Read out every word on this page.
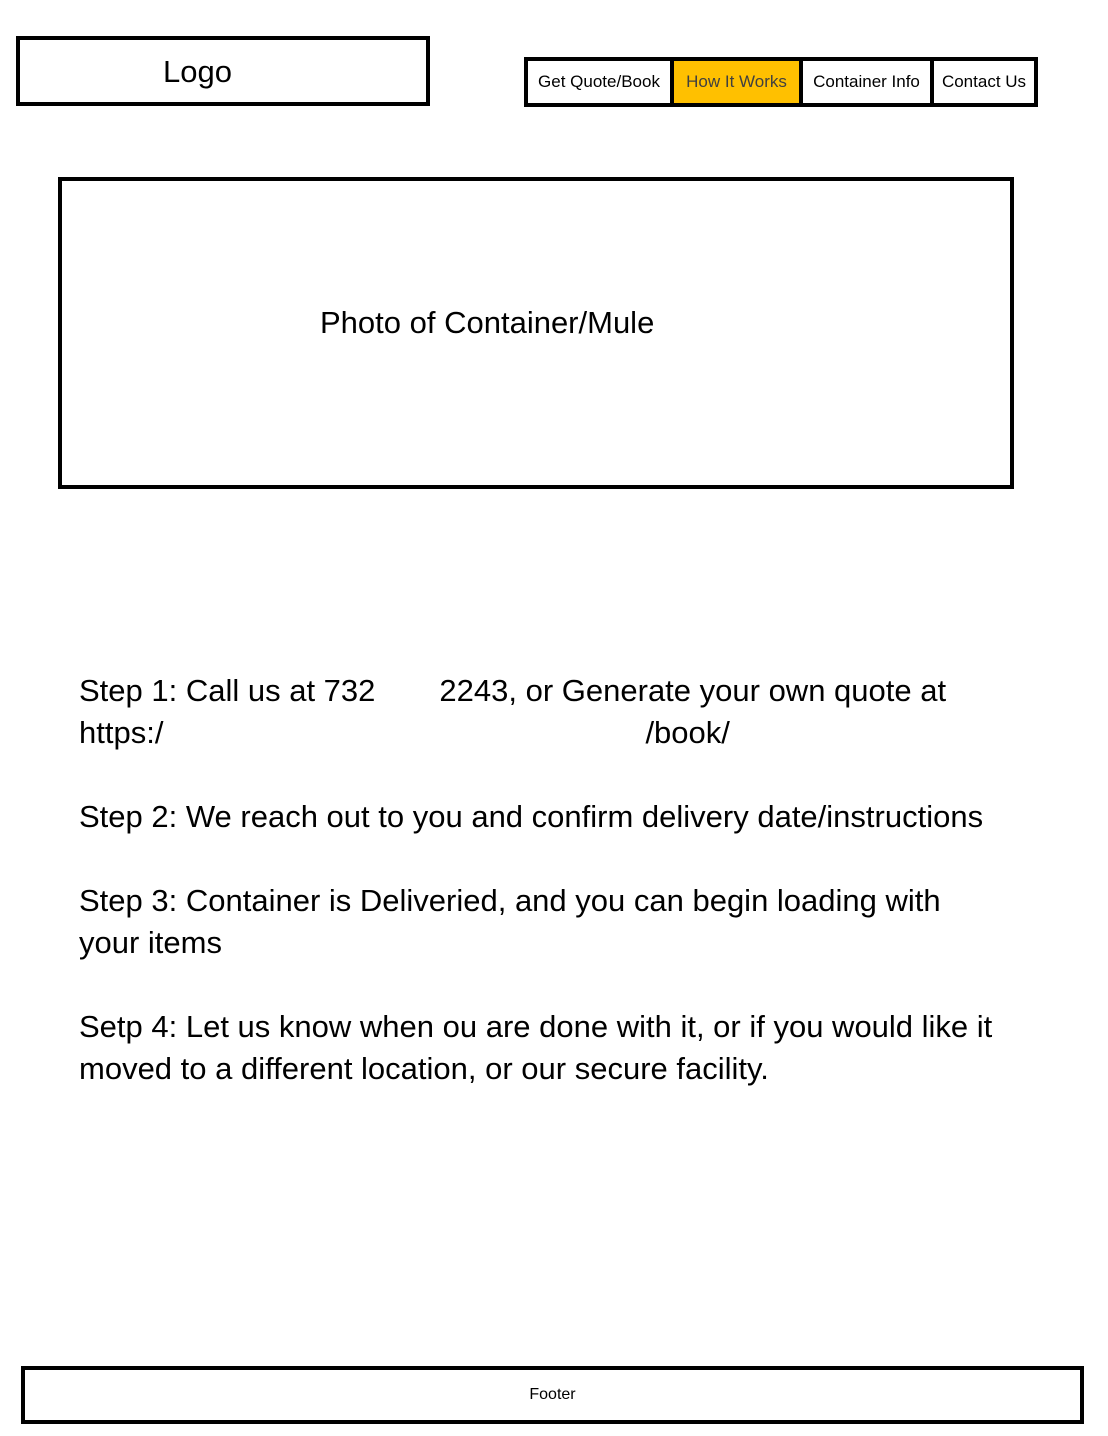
Logo	Get Quote/Book	How It Works	Container Info	Contact Us
Photo of Container/Mule

Step 1: Call us at 732 2243, or Generate your own quote at
https:/	/book/

Step 2: We reach out to you and confirm delivery date/instructions

Step 3: Container is Deliveried, and you can begin loading with your items

Setp 4: Let us know when ou are done with it, or if you would like it moved to a different location, or our secure facility.

Footer
